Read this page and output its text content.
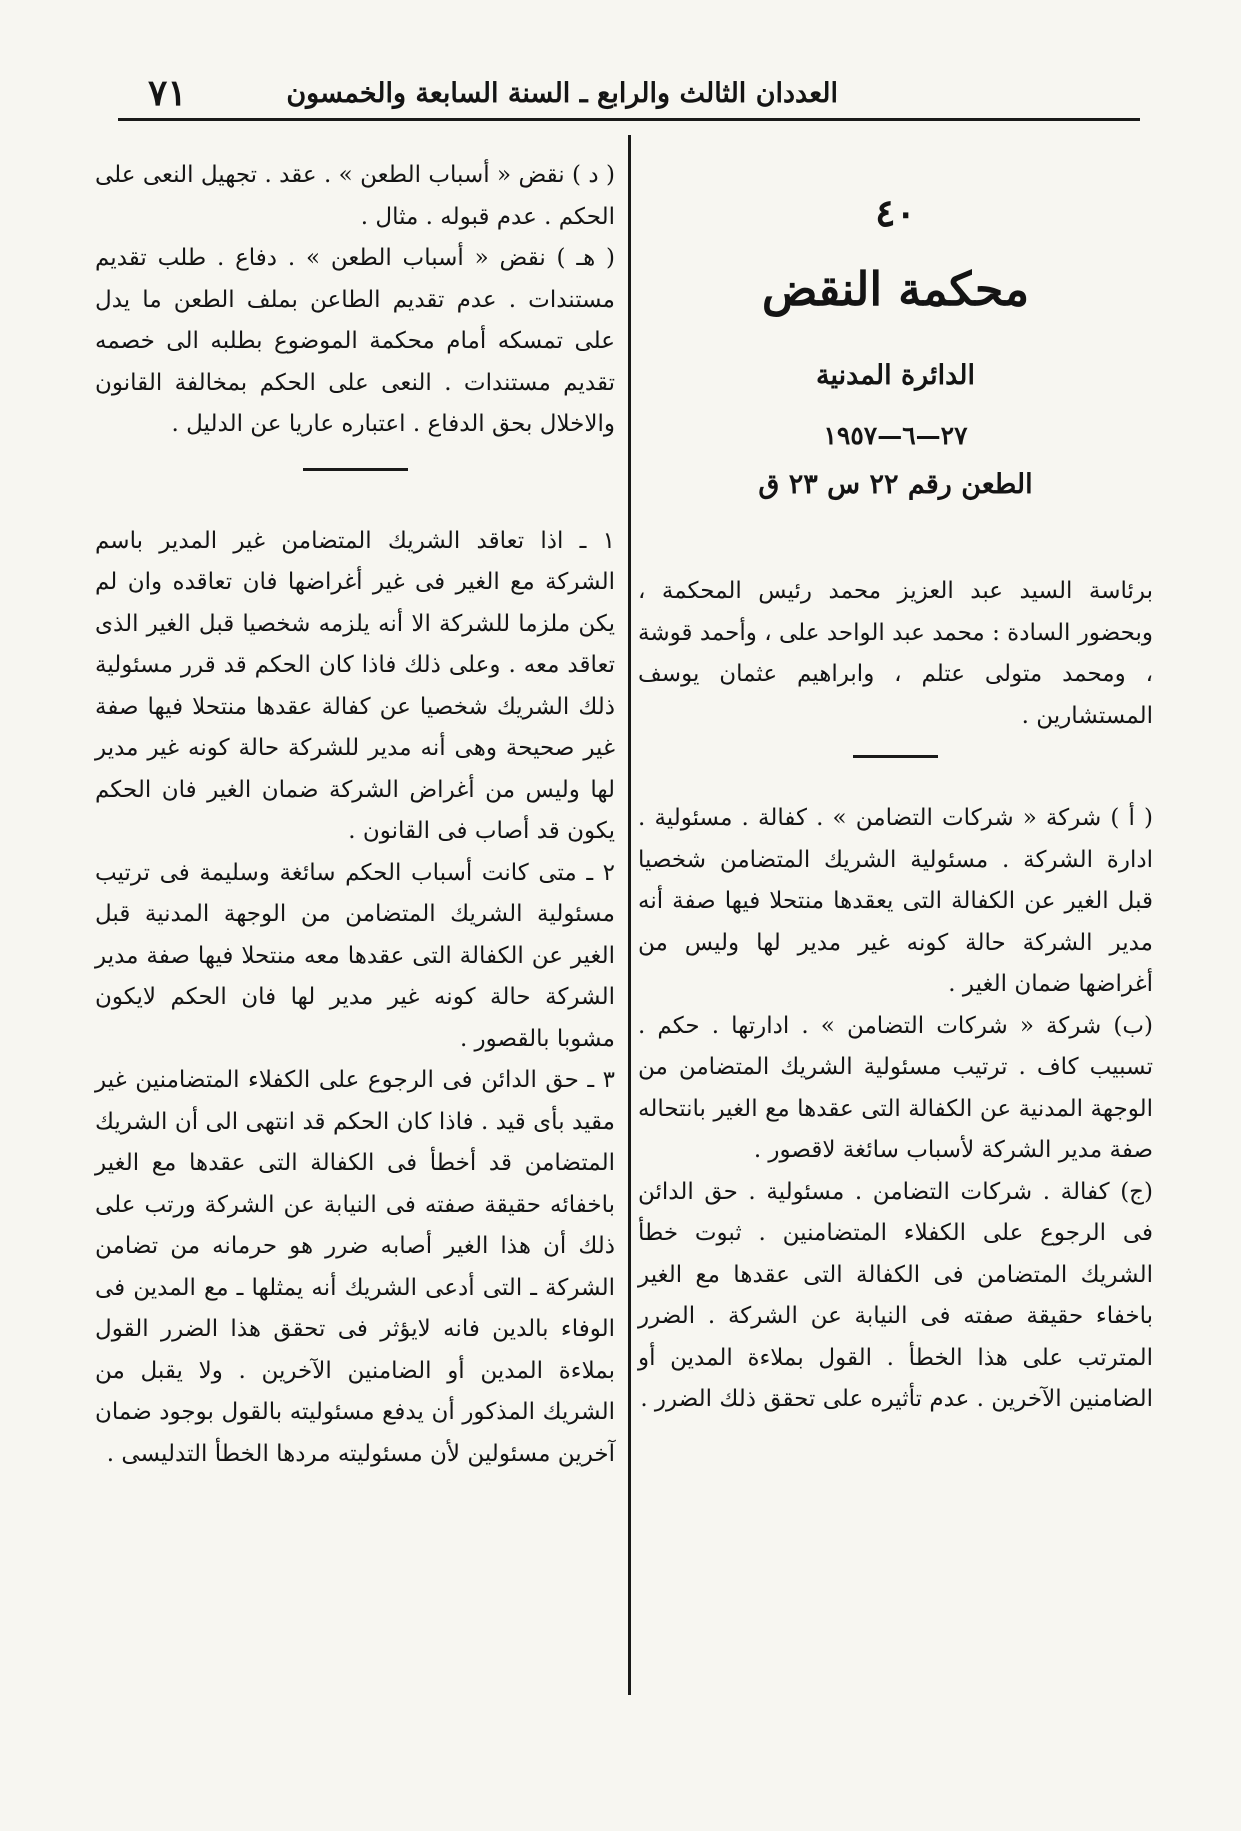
العددان الثالث والرابع ـ السنة السابعة والخمسون
٧١
٤٠
محكمة النقض
الدائرة المدنية
٢٧—٦—١٩٥٧
الطعن رقم ٢٢ س ٢٣ ق

برئاسة السيد عبد العزيز محمد رئيس المحكمة ، وبحضور السادة : محمد عبد الواحد على ، وأحمد قوشة ، ومحمد متولى عتلم ، وابراهيم عثمان يوسف المستشارين .

( أ ) شركة « شركات التضامن » . كفالة . مسئولية . ادارة الشركة . مسئولية الشريك المتضامن شخصيا قبل الغير عن الكفالة التى يعقدها منتحلا فيها صفة أنه مدير الشركة حالة كونه غير مدير لها وليس من أغراضها ضمان الغير .

(ب) شركة « شركات التضامن » . ادارتها . حكم . تسبيب كاف . ترتيب مسئولية الشريك المتضامن من الوجهة المدنية عن الكفالة التى عقدها مع الغير بانتحاله صفة مدير الشركة لأسباب سائغة لاقصور .

(ج) كفالة . شركات التضامن . مسئولية . حق الدائن فى الرجوع على الكفلاء المتضامنين . ثبوت خطأ الشريك المتضامن فى الكفالة التى عقدها مع الغير باخفاء حقيقة صفته فى النيابة عن الشركة . الضرر المترتب على هذا الخطأ . القول بملاءة المدين أو الضامنين الآخرين . عدم تأثيره على تحقق ذلك الضرر .

( د ) نقض « أسباب الطعن » . عقد . تجهيل النعى على الحكم . عدم قبوله . مثال .

( هـ ) نقض « أسباب الطعن » . دفاع . طلب تقديم مستندات . عدم تقديم الطاعن بملف الطعن ما يدل على تمسكه أمام محكمة الموضوع بطلبه الى خصمه تقديم مستندات . النعى على الحكم بمخالفة القانون والاخلال بحق الدفاع . اعتباره عاريا عن الدليل .

١ ـ اذا تعاقد الشريك المتضامن غير المدير باسم الشركة مع الغير فى غير أغراضها فان تعاقده وان لم يكن ملزما للشركة الا أنه يلزمه شخصيا قبل الغير الذى تعاقد معه . وعلى ذلك فاذا كان الحكم قد قرر مسئولية ذلك الشريك شخصيا عن كفالة عقدها منتحلا فيها صفة غير صحيحة وهى أنه مدير للشركة حالة كونه غير مدير لها وليس من أغراض الشركة ضمان الغير فان الحكم يكون قد أصاب فى القانون .

٢ ـ متى كانت أسباب الحكم سائغة وسليمة فى ترتيب مسئولية الشريك المتضامن من الوجهة المدنية قبل الغير عن الكفالة التى عقدها معه منتحلا فيها صفة مدير الشركة حالة كونه غير مدير لها فان الحكم لايكون مشوبا بالقصور .

٣ ـ حق الدائن فى الرجوع على الكفلاء المتضامنين غير مقيد بأى قيد . فاذا كان الحكم قد انتهى الى أن الشريك المتضامن قد أخطأ فى الكفالة التى عقدها مع الغير باخفائه حقيقة صفته فى النيابة عن الشركة ورتب على ذلك أن هذا الغير أصابه ضرر هو حرمانه من تضامن الشركة ـ التى أدعى الشريك أنه يمثلها ـ مع المدين فى الوفاء بالدين فانه لايؤثر فى تحقق هذا الضرر القول بملاءة المدين أو الضامنين الآخرين . ولا يقبل من الشريك المذكور أن يدفع مسئوليته بالقول بوجود ضمان آخرين مسئولين لأن مسئوليته مردها الخطأ التدليسى .
